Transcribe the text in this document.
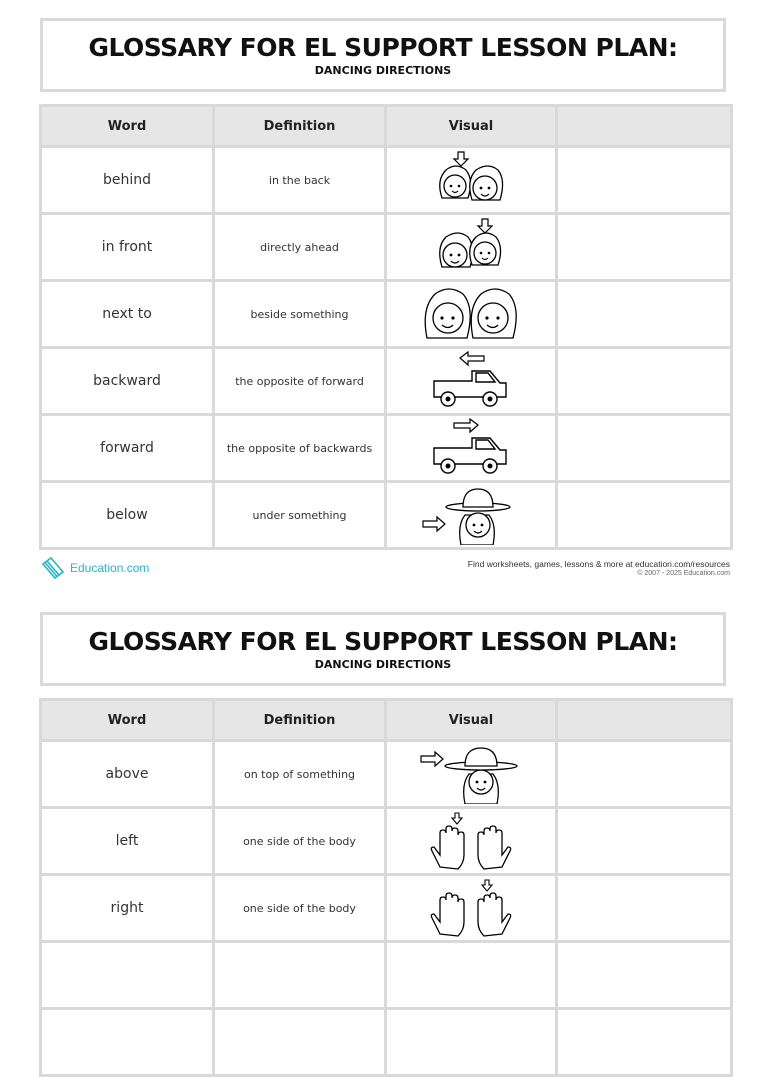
GLOSSARY FOR EL SUPPORT LESSON PLAN:
DANCING DIRECTIONS
Word	Definition	Visual	
behind	in the back	

in front	directly ahead	

next to	beside something	

backward	the opposite of forward	

forward	the opposite of backwards	

below	under something	

Education.com	Find worksheets, games, lessons & more at education.com/resources
© 2007 - 2025 Education.com
GLOSSARY FOR EL SUPPORT LESSON PLAN:
DANCING DIRECTIONS
Word	Definition	Visual	
above	on top of something	

left	one side of the body	

right	one side of the body	
